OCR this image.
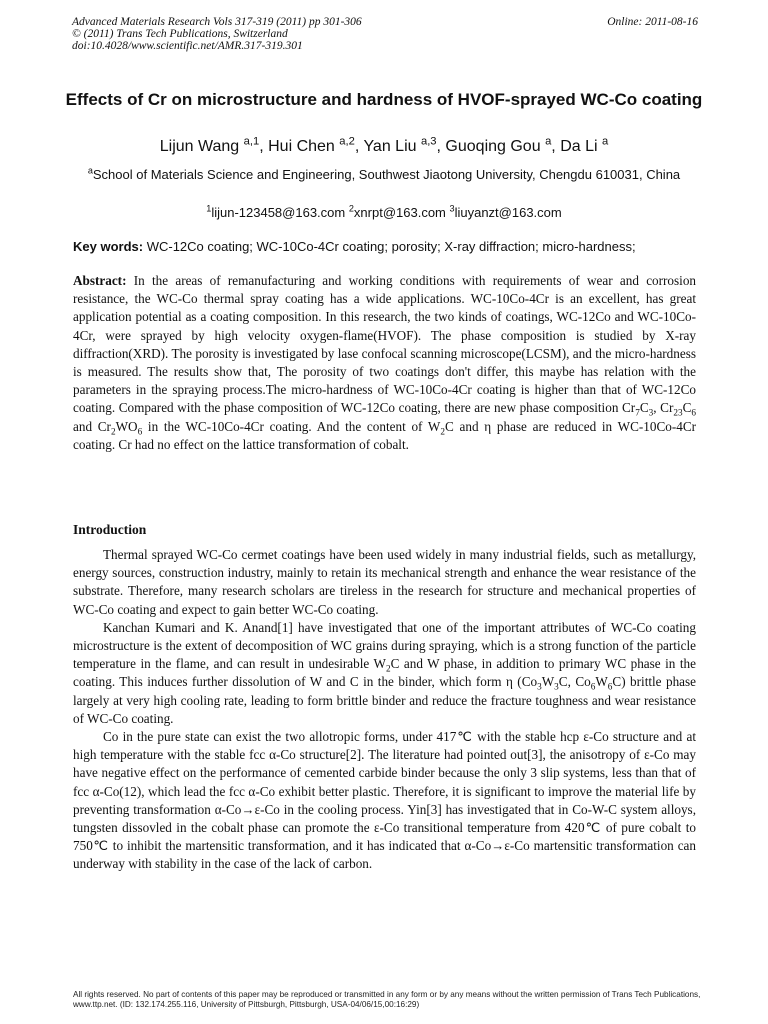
Advanced Materials Research Vols 317-319 (2011) pp 301-306
© (2011) Trans Tech Publications, Switzerland
doi:10.4028/www.scientific.net/AMR.317-319.301
Online: 2011-08-16
Effects of Cr on microstructure and hardness of HVOF-sprayed WC-Co coating
Lijun Wang $^{a,1}$, Hui Chen $^{a,2}$, Yan Liu $^{a,3}$, Guoqing Gou $^a$, Da Li $^a$
$^a$School of Materials Science and Engineering, Southwest Jiaotong University, Chengdu 610031, China
$^1$lijun-123458@163.com $^2$xnrpt@163.com $^3$liuyanzt@163.com
Key words: WC-12Co coating; WC-10Co-4Cr coating; porosity; X-ray diffraction; micro-hardness;
Abstract: In the areas of remanufacturing and working conditions with requirements of wear and corrosion resistance, the WC-Co thermal spray coating has a wide applications. WC-10Co-4Cr is an excellent, has great application potential as a coating composition. In this research, the two kinds of coatings, WC-12Co and WC-10Co-4Cr, were sprayed by high velocity oxygen-flame(HVOF). The phase composition is studied by X-ray diffraction(XRD). The porosity is investigated by lase confocal scanning microscope(LCSM), and the micro-hardness is measured. The results show that, The porosity of two coatings don't differ, this maybe has relation with the parameters in the spraying process.The micro-hardness of WC-10Co-4Cr coating is higher than that of WC-12Co coating. Compared with the phase composition of WC-12Co coating, there are new phase composition $Cr_7C_3$, $Cr_{23}C_6$ and $Cr_2WO_6$ in the WC-10Co-4Cr coating. And the content of $W_2C$ and η phase are reduced in WC-10Co-4Cr coating. Cr had no effect on the lattice transformation of cobalt.
Introduction

Thermal sprayed WC-Co cermet coatings have been used widely in many industrial fields, such as metallurgy, energy sources, construction industry, mainly to retain its mechanical strength and enhance the wear resistance of the substrate. Therefore, many research scholars are tireless in the research for structure and mechanical properties of WC-Co coating and expect to gain better WC-Co coating.

Kanchan Kumari and K. Anand[1] have investigated that one of the important attributes of WC-Co coating microstructure is the extent of decomposition of WC grains during spraying, which is a strong function of the particle temperature in the flame, and can result in undesirable $W_2C$ and W phase, in addition to primary WC phase in the coating. This induces further dissolution of W and C in the binder, which form η ($Co_3W_3C$, $Co_6W_6C$) brittle phase largely at very high cooling rate, leading to form brittle binder and reduce the fracture toughness and wear resistance of WC-Co coating.

Co in the pure state can exist the two allotropic forms, under 417℃ with the stable hcp ε-Co structure and at high temperature with the stable fcc α-Co structure[2]. The literature had pointed out[3], the anisotropy of ε-Co may have negative effect on the performance of cemented carbide binder because the only 3 slip systems, less than that of fcc α-Co(12), which lead the fcc α-Co exhibit better plastic. Therefore, it is significant to improve the material life by preventing transformation α-Co→ε-Co in the cooling process. Yin[3] has investigated that in Co-W-C system alloys, tungsten dissovled in the cobalt phase can promote the ε-Co transitional temperature from 420℃ of pure cobalt to 750℃ to inhibit the martensitic transformation, and it has indicated that α-Co→ε-Co martensitic transformation can underway with stability in the case of the lack of carbon.

All rights reserved. No part of contents of this paper may be reproduced or transmitted in any form or by any means without the written permission of Trans Tech Publications, www.ttp.net. (ID: 132.174.255.116, University of Pittsburgh, Pittsburgh, USA-04/06/15,00:16:29)
